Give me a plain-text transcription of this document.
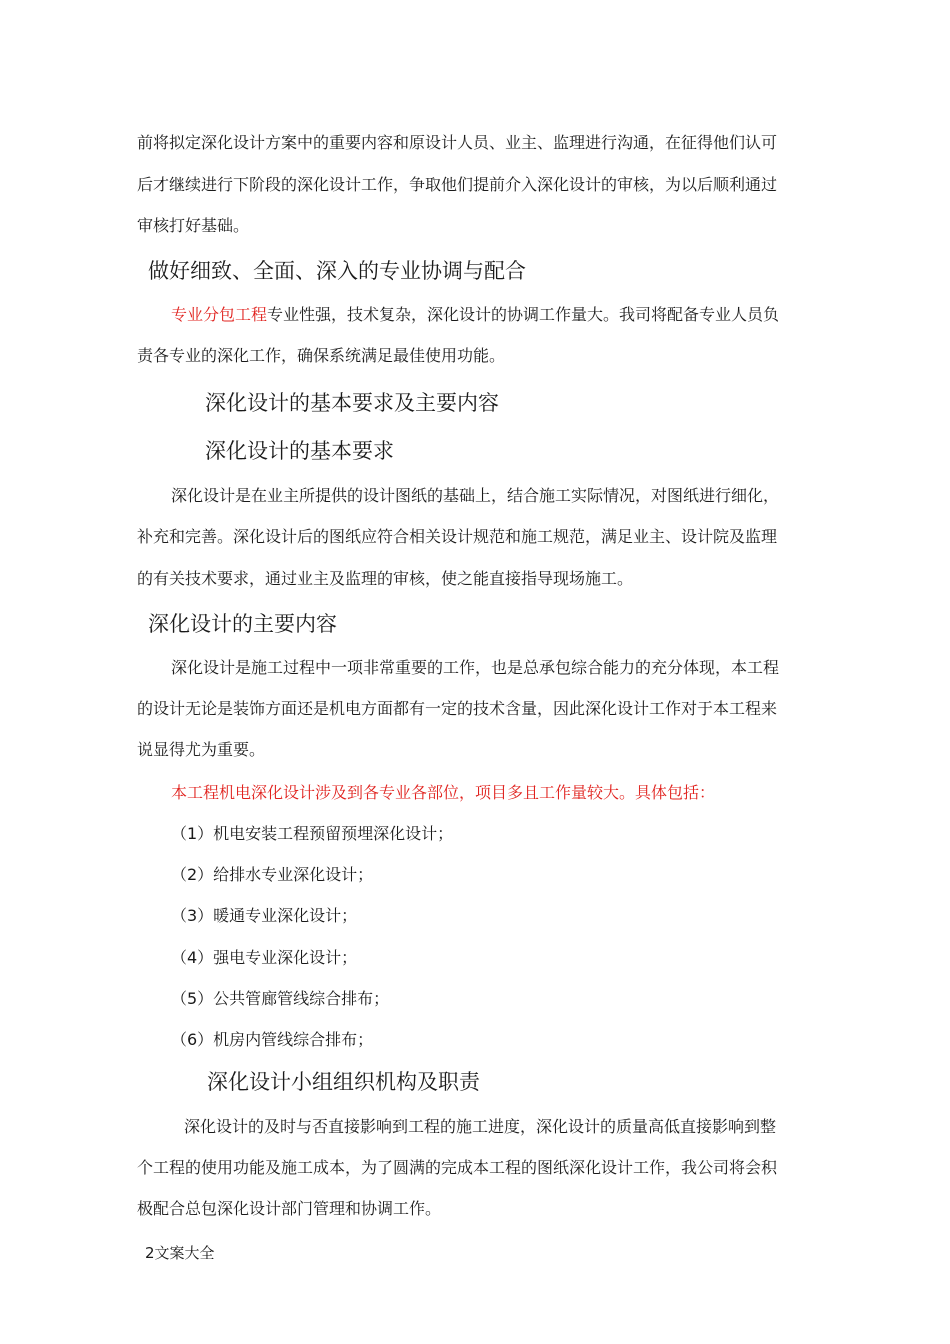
前将拟定深化设计方案中的重要内容和原设计人员、业主、监理进行沟通，在征得他们认可

后才继续进行下阶段的深化设计工作，争取他们提前介入深化设计的审核，为以后顺利通过

审核打好基础。

做好细致、全面、深入的专业协调与配合

专业分包工程专业性强，技术复杂，深化设计的协调工作量大。我司将配备专业人员负

责各专业的深化工作，确保系统满足最佳使用功能。

深化设计的基本要求及主要内容
深化设计的基本要求

深化设计是在业主所提供的设计图纸的基础上，结合施工实际情况，对图纸进行细化，

补充和完善。深化设计后的图纸应符合相关设计规范和施工规范，满足业主、设计院及监理

的有关技术要求，通过业主及监理的审核，使之能直接指导现场施工。

深化设计的主要内容

深化设计是施工过程中一项非常重要的工作，也是总承包综合能力的充分体现，本工程

的设计无论是装饰方面还是机电方面都有一定的技术含量，因此深化设计工作对于本工程来

说显得尤为重要。

本工程机电深化设计涉及到各专业各部位，项目多且工作量较大。具体包括：

（1）机电安装工程预留预埋深化设计；

（2）给排水专业深化设计；

（3）暖通专业深化设计；

（4）强电专业深化设计；

（5）公共管廊管线综合排布；

（6）机房内管线综合排布；

深化设计小组组织机构及职责

深化设计的及时与否直接影响到工程的施工进度，深化设计的质量高低直接影响到整

个工程的使用功能及施工成本，为了圆满的完成本工程的图纸深化设计工作，我公司将会积

极配合总包深化设计部门管理和协调工作。

2文案大全
